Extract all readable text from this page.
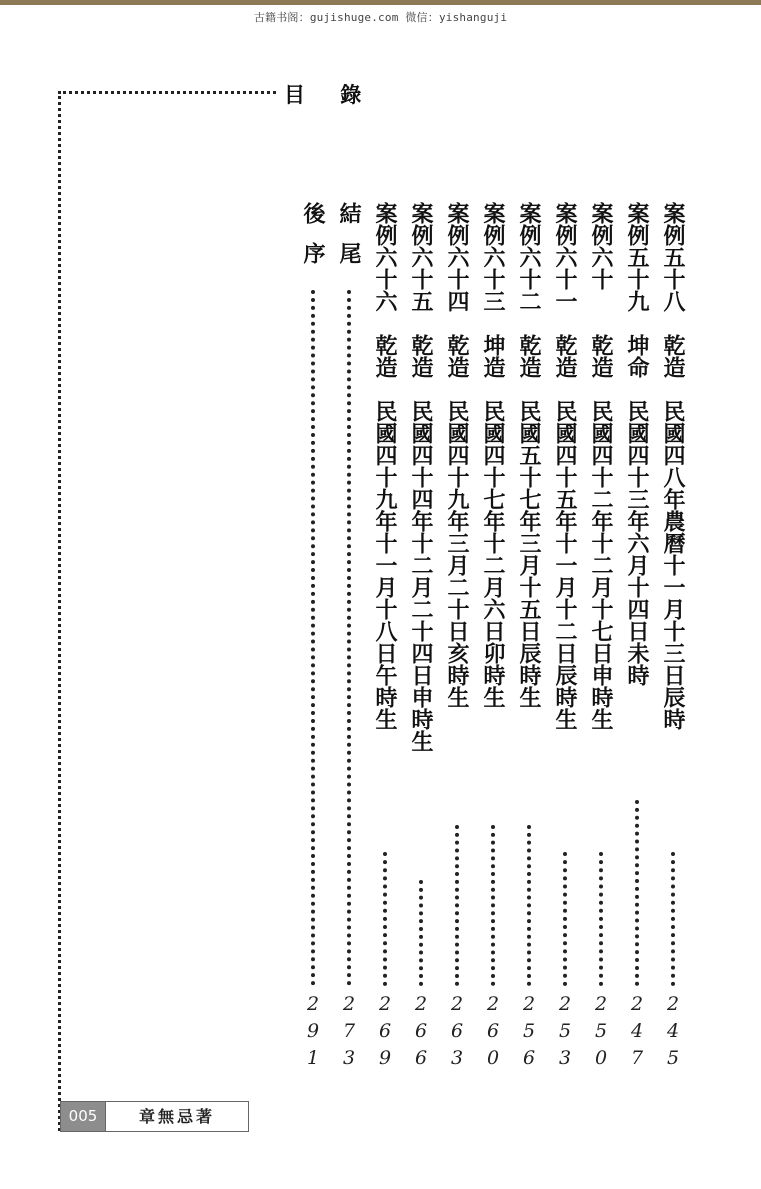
古籍书阁：gujishuge.com 微信：yishanguji
目 錄
案例五十八　乾造　民國四八年農曆十一月十三日辰時
245
案例五十九　坤命　民國四十三年六月十四日未時
247
案例六十　　乾造　民國四十二年十二月十七日申時生
250
案例六十一　乾造　民國四十五年十一月十二日辰時生
253
案例六十二　乾造　民國五十七年三月十五日辰時生
256
案例六十三　坤造　民國四十七年十二月六日卯時生
260
案例六十四　乾造　民國四十九年三月二十日亥時生
263
案例六十五　乾造　民國四十四年十二月二十四日申時生
266
案例六十六　乾造　民國四十九年十一月十八日午時生
269
結尾
273
後序
291
005	章無忌著
